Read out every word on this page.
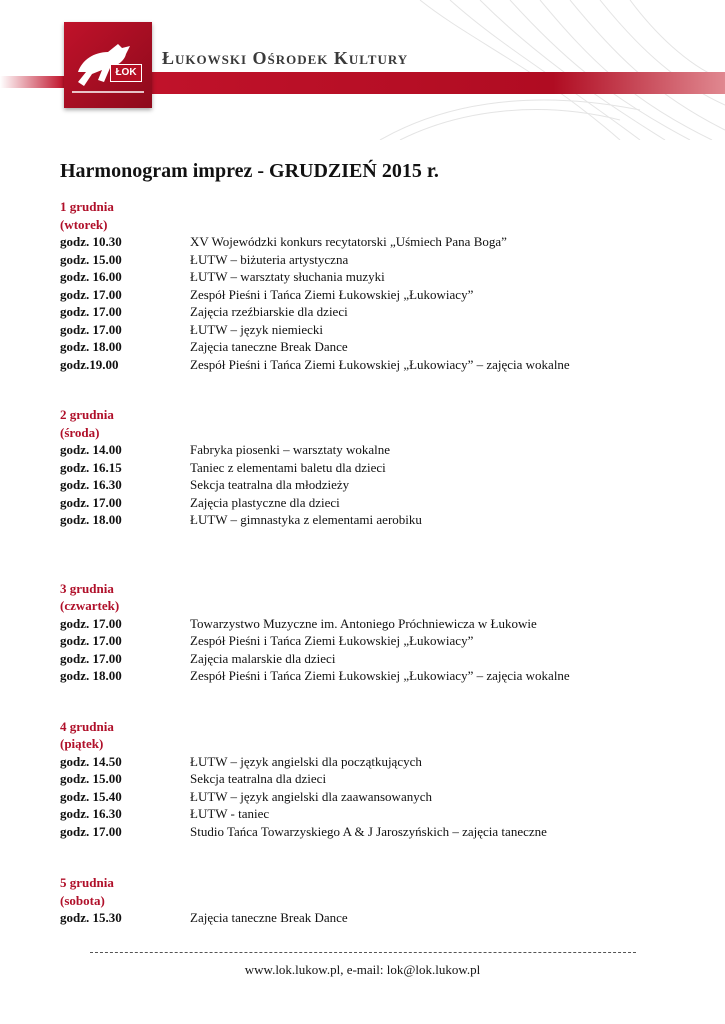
ŁOK
Łukowski Ośrodek Kultury
Harmonogram imprez - GRUDZIEŃ 2015 r.
1 grudnia
(wtorek)
godz. 10.30	XV Wojewódzki konkurs recytatorski „Uśmiech Pana Boga”
godz. 15.00	ŁUTW – biżuteria artystyczna
godz. 16.00	ŁUTW – warsztaty słuchania muzyki
godz. 17.00	Zespół Pieśni i Tańca Ziemi Łukowskiej „Łukowiacy”
godz. 17.00	Zajęcia rzeźbiarskie dla dzieci
godz. 17.00	ŁUTW – język niemiecki
godz. 18.00	Zajęcia taneczne Break Dance
godz.19.00	Zespół Pieśni i Tańca Ziemi Łukowskiej „Łukowiacy” – zajęcia wokalne
2 grudnia
(środa)
godz. 14.00	Fabryka piosenki – warsztaty wokalne
godz. 16.15	Taniec z elementami baletu dla dzieci
godz. 16.30	Sekcja teatralna dla młodzieży
godz. 17.00	Zajęcia plastyczne dla dzieci
godz. 18.00	ŁUTW – gimnastyka z elementami aerobiku
3 grudnia
(czwartek)
godz. 17.00	Towarzystwo Muzyczne im. Antoniego Próchniewicza w Łukowie
godz. 17.00	Zespół Pieśni i Tańca Ziemi Łukowskiej „Łukowiacy”
godz. 17.00	Zajęcia malarskie dla dzieci
godz. 18.00	Zespół Pieśni i Tańca Ziemi Łukowskiej „Łukowiacy” – zajęcia wokalne
4 grudnia
(piątek)
godz. 14.50	ŁUTW – język angielski dla początkujących
godz. 15.00	Sekcja teatralna dla dzieci
godz. 15.40	ŁUTW – język angielski dla zaawansowanych
godz. 16.30	ŁUTW - taniec
godz. 17.00	Studio Tańca Towarzyskiego A & J Jaroszyńskich – zajęcia taneczne
5 grudnia
(sobota)
godz. 15.30	Zajęcia taneczne Break Dance
www.lok.lukow.pl, e-mail: lok@lok.lukow.pl
